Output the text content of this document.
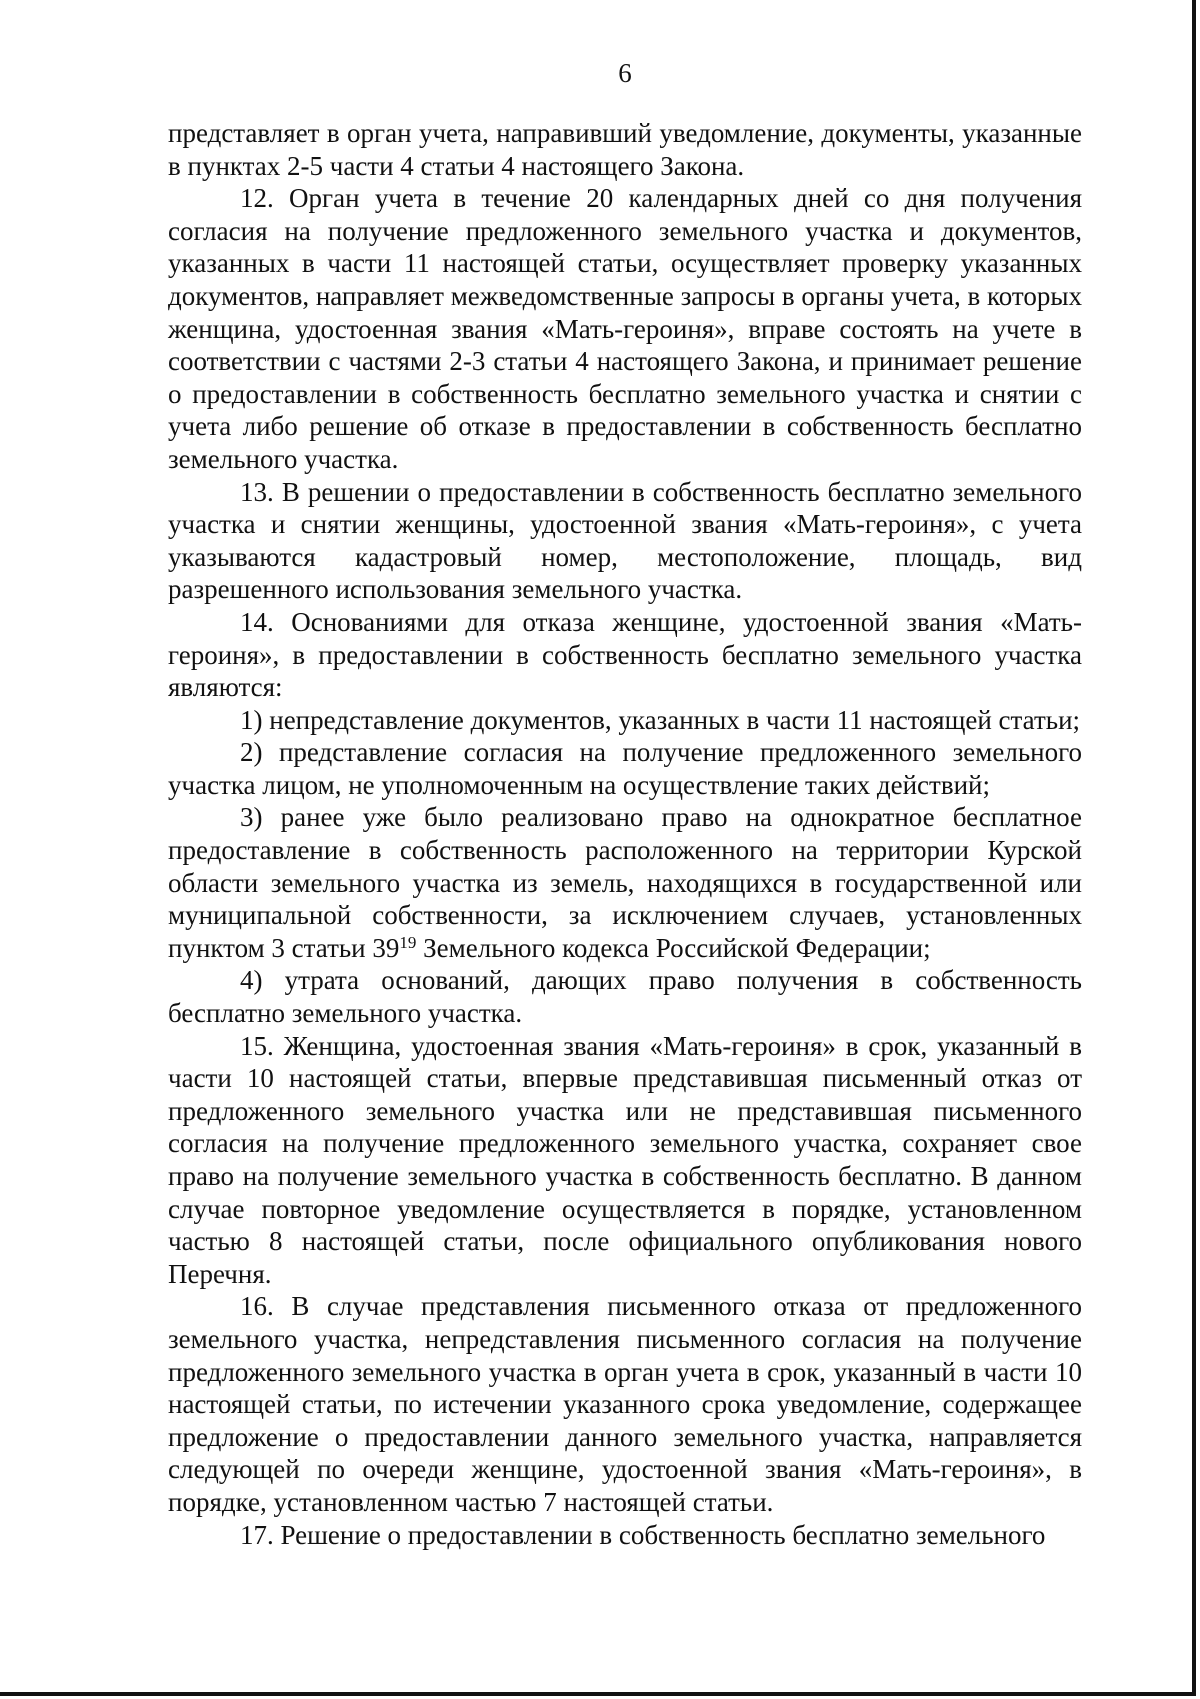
6

представляет в орган учета, направивший уведомление, документы, указанные в пунктах 2-5 части 4 статьи 4 настоящего Закона.

12. Орган учета в течение 20 календарных дней со дня получения согласия на получение предложенного земельного участка и документов, указанных в части 11 настоящей статьи, осуществляет проверку указанных документов, направляет межведомственные запросы в органы учета, в которых женщина, удостоенная звания «Мать-героиня», вправе состоять на учете в соответствии с частями 2-3 статьи 4 настоящего Закона, и принимает решение о предоставлении в собственность бесплатно земельного участка и снятии с учета либо решение об отказе в предоставлении в собственность бесплатно земельного участка.

13. В решении о предоставлении в собственность бесплатно земельного участка и снятии женщины, удостоенной звания «Мать-героиня», с учета указываются кадастровый номер, местоположение, площадь, вид разрешенного использования земельного участка.

14. Основаниями для отказа женщине, удостоенной звания «Мать-героиня», в предоставлении в собственность бесплатно земельного участка являются:

1) непредставление документов, указанных в части 11 настоящей статьи;

2) представление согласия на получение предложенного земельного участка лицом, не уполномоченным на осуществление таких действий;

3) ранее уже было реализовано право на однократное бесплатное предоставление в собственность расположенного на территории Курской области земельного участка из земель, находящихся в государственной или муниципальной собственности, за исключением случаев, установленных пунктом 3 статьи $39^{19}$ Земельного кодекса Российской Федерации;

4) утрата оснований, дающих право получения в собственность бесплатно земельного участка.

15. Женщина, удостоенная звания «Мать-героиня» в срок, указанный в части 10 настоящей статьи, впервые представившая письменный отказ от предложенного земельного участка или не представившая письменного согласия на получение предложенного земельного участка, сохраняет свое право на получение земельного участка в собственность бесплатно. В данном случае повторное уведомление осуществляется в порядке, установленном частью 8 настоящей статьи, после официального опубликования нового Перечня.

16. В случае представления письменного отказа от предложенного земельного участка, непредставления письменного согласия на получение предложенного земельного участка в орган учета в срок, указанный в части 10 настоящей статьи, по истечении указанного срока уведомление, содержащее предложение о предоставлении данного земельного участка, направляется следующей по очереди женщине, удостоенной звания «Мать-героиня», в порядке, установленном частью 7 настоящей статьи.

17. Решение о предоставлении в собственность бесплатно земельного
